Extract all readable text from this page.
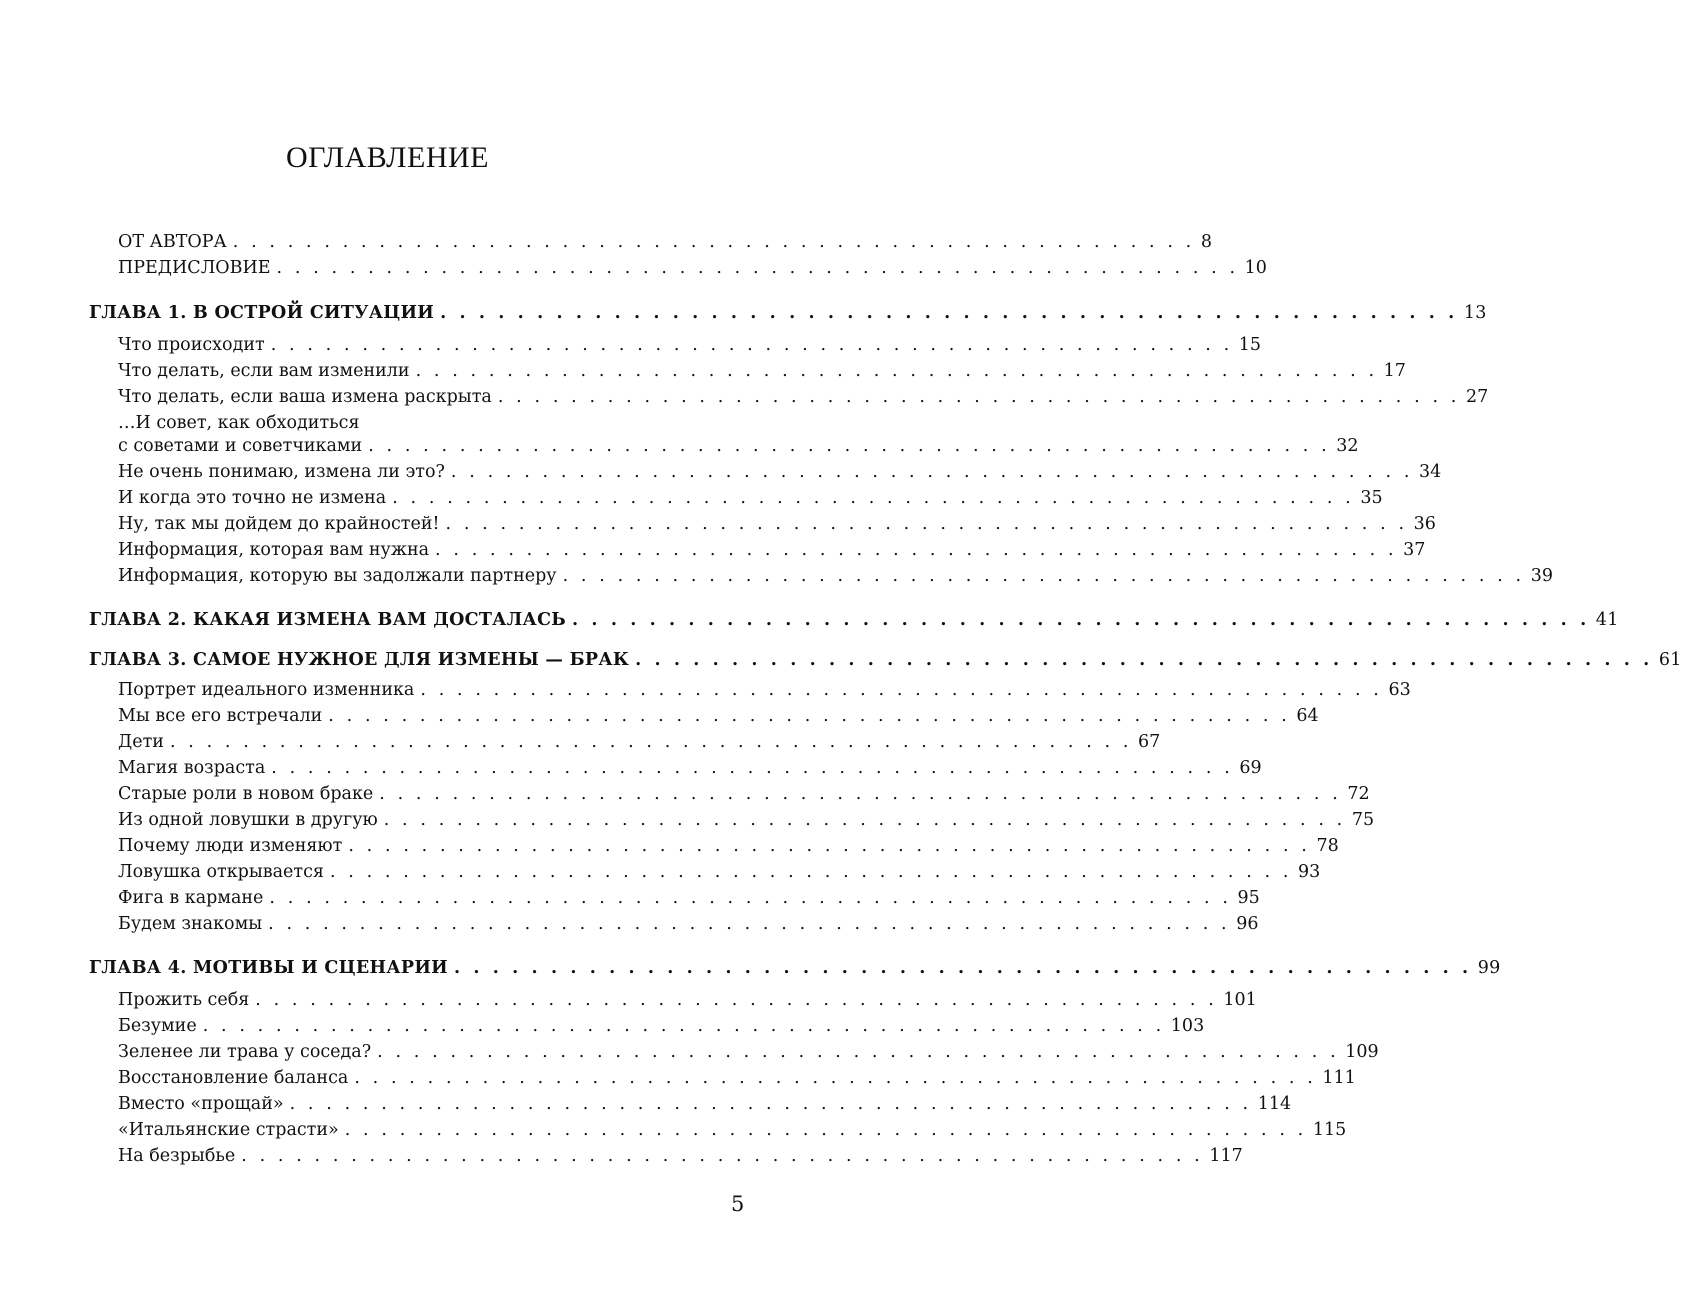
ОГЛАВЛЕНИЕ
ОТ АВТОРА . . . . . . . . . . . . . . . . . . . . . . . . . . . . . . . . . . . . . . . . . . . . . . . . . . . . . 8
ПРЕДИСЛОВИЕ . . . . . . . . . . . . . . . . . . . . . . . . . . . . . . . . . . . . . . . . . . . . . . . . . . . . . 10
ГЛАВА 1. В ОСТРОЙ СИТУАЦИИ . . . . . . . . . . . . . . . . . . . . . . . . . . . . . . . . . . . . . . . . . . . . . . . . . . . . . 13
Что происходит . . . . . . . . . . . . . . . . . . . . . . . . . . . . . . . . . . . . . . . . . . . . . . . . . . . . . 15
Что делать, если вам изменили . . . . . . . . . . . . . . . . . . . . . . . . . . . . . . . . . . . . . . . . . . . . . . . . . . . . . 17
Что делать, если ваша измена раскрыта . . . . . . . . . . . . . . . . . . . . . . . . . . . . . . . . . . . . . . . . . . . . . . . . . . . . . 27
…И совет, как обходиться
с советами и советчиками . . . . . . . . . . . . . . . . . . . . . . . . . . . . . . . . . . . . . . . . . . . . . . . . . . . . . 32
Не очень понимаю, измена ли это? . . . . . . . . . . . . . . . . . . . . . . . . . . . . . . . . . . . . . . . . . . . . . . . . . . . . . 34
И когда это точно не измена . . . . . . . . . . . . . . . . . . . . . . . . . . . . . . . . . . . . . . . . . . . . . . . . . . . . . 35
Ну, так мы дойдем до крайностей! . . . . . . . . . . . . . . . . . . . . . . . . . . . . . . . . . . . . . . . . . . . . . . . . . . . . . 36
Информация, которая вам нужна . . . . . . . . . . . . . . . . . . . . . . . . . . . . . . . . . . . . . . . . . . . . . . . . . . . . . 37
Информация, которую вы задолжали партнеру . . . . . . . . . . . . . . . . . . . . . . . . . . . . . . . . . . . . . . . . . . . . . . . . . . . . . 39
ГЛАВА 2. КАКАЯ ИЗМЕНА ВАМ ДОСТАЛАСЬ . . . . . . . . . . . . . . . . . . . . . . . . . . . . . . . . . . . . . . . . . . . . . . . . . . . . . 41
ГЛАВА 3. САМОЕ НУЖНОЕ ДЛЯ ИЗМЕНЫ — БРАК . . . . . . . . . . . . . . . . . . . . . . . . . . . . . . . . . . . . . . . . . . . . . . . . . . . . . 61
Портрет идеального изменника . . . . . . . . . . . . . . . . . . . . . . . . . . . . . . . . . . . . . . . . . . . . . . . . . . . . . 63
Мы все его встречали . . . . . . . . . . . . . . . . . . . . . . . . . . . . . . . . . . . . . . . . . . . . . . . . . . . . . 64
Дети . . . . . . . . . . . . . . . . . . . . . . . . . . . . . . . . . . . . . . . . . . . . . . . . . . . . . 67
Магия возраста . . . . . . . . . . . . . . . . . . . . . . . . . . . . . . . . . . . . . . . . . . . . . . . . . . . . . 69
Старые роли в новом браке . . . . . . . . . . . . . . . . . . . . . . . . . . . . . . . . . . . . . . . . . . . . . . . . . . . . . 72
Из одной ловушки в другую . . . . . . . . . . . . . . . . . . . . . . . . . . . . . . . . . . . . . . . . . . . . . . . . . . . . . 75
Почему люди изменяют . . . . . . . . . . . . . . . . . . . . . . . . . . . . . . . . . . . . . . . . . . . . . . . . . . . . . 78
Ловушка открывается . . . . . . . . . . . . . . . . . . . . . . . . . . . . . . . . . . . . . . . . . . . . . . . . . . . . . 93
Фига в кармане . . . . . . . . . . . . . . . . . . . . . . . . . . . . . . . . . . . . . . . . . . . . . . . . . . . . . 95
Будем знакомы . . . . . . . . . . . . . . . . . . . . . . . . . . . . . . . . . . . . . . . . . . . . . . . . . . . . . 96
ГЛАВА 4. МОТИВЫ И СЦЕНАРИИ . . . . . . . . . . . . . . . . . . . . . . . . . . . . . . . . . . . . . . . . . . . . . . . . . . . . . 99
Прожить себя . . . . . . . . . . . . . . . . . . . . . . . . . . . . . . . . . . . . . . . . . . . . . . . . . . . . . 101
Безумие . . . . . . . . . . . . . . . . . . . . . . . . . . . . . . . . . . . . . . . . . . . . . . . . . . . . . 103
Зеленее ли трава у соседа? . . . . . . . . . . . . . . . . . . . . . . . . . . . . . . . . . . . . . . . . . . . . . . . . . . . . . 109
Восстановление баланса . . . . . . . . . . . . . . . . . . . . . . . . . . . . . . . . . . . . . . . . . . . . . . . . . . . . . 111
Вместо «прощай» . . . . . . . . . . . . . . . . . . . . . . . . . . . . . . . . . . . . . . . . . . . . . . . . . . . . . 114
«Итальянские страсти» . . . . . . . . . . . . . . . . . . . . . . . . . . . . . . . . . . . . . . . . . . . . . . . . . . . . . 115
На безрыбье . . . . . . . . . . . . . . . . . . . . . . . . . . . . . . . . . . . . . . . . . . . . . . . . . . . . . 117
5
